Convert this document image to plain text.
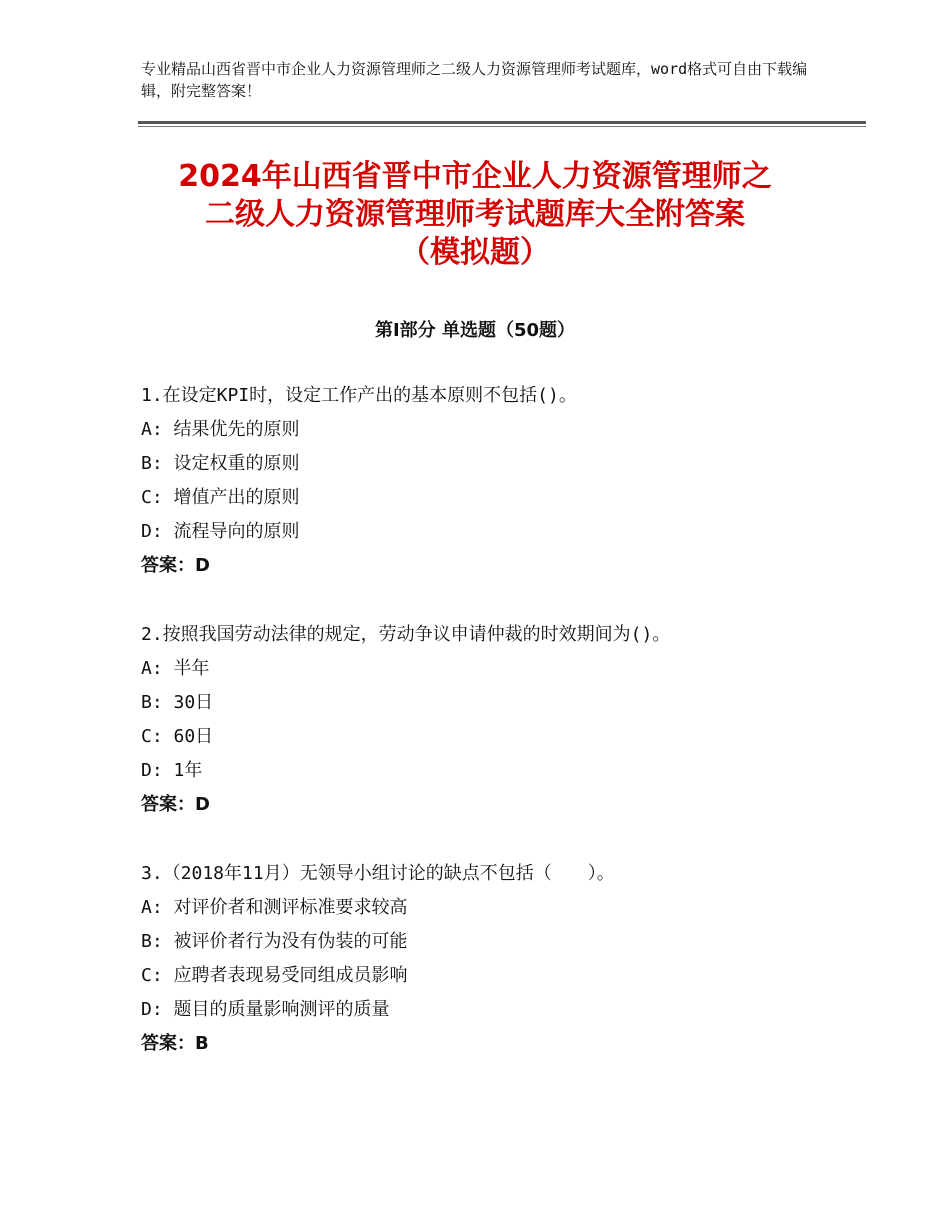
专业精品山西省晋中市企业人力资源管理师之二级人力资源管理师考试题库，word格式可自由下载编辑，附完整答案！
2024年山西省晋中市企业人力资源管理师之
二级人力资源管理师考试题库大全附答案
（模拟题）
第Ⅰ部分 单选题（50题）
1.在设定KPI时，设定工作产出的基本原则不包括()。
A: 结果优先的原则
B: 设定权重的原则
C: 增值产出的原则
D: 流程导向的原则
答案：D
2.按照我国劳动法律的规定，劳动争议申请仲裁的时效期间为()。
A: 半年
B: 30日
C: 60日
D: 1年
答案：D
3.（2018年11月）无领导小组讨论的缺点不包括（　　）。
A: 对评价者和测评标准要求较高
B: 被评价者行为没有伪装的可能
C: 应聘者表现易受同组成员影响
D: 题目的质量影响测评的质量
答案：B
